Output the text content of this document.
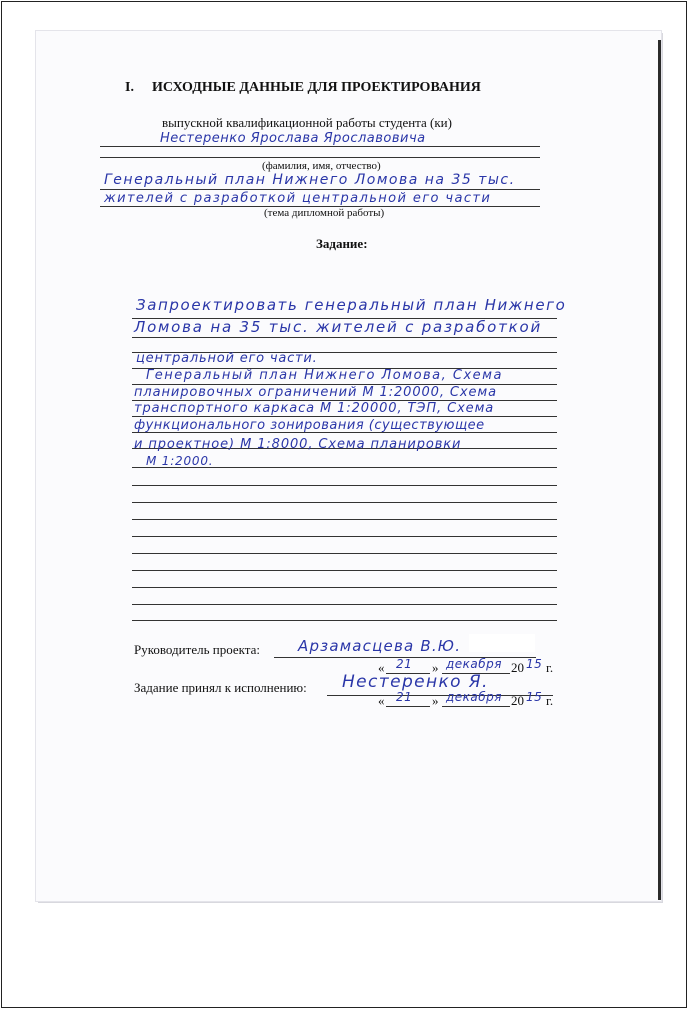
I. ИСХОДНЫЕ ДАННЫЕ ДЛЯ ПРОЕКТИРОВАНИЯ
выпускной квалификационной работы студента (ки)
Нестеренко Ярослава Ярославовича
(фамилия, имя, отчество)
Генеральный план Нижнего Ломова на 35 тыс.
жителей с разработкой центральной его части
(тема дипломной работы)
Задание:
Запроектировать генеральный план Нижнего
Ломова на 35 тыс. жителей с разработкой
центральной его части.
Генеральный план Нижнего Ломова, Схема
планировочных ограничений М 1:20000, Схема
транспортного каркаса М 1:20000, ТЭП, Схема
функционального зонирования (существующее
и проектное) М 1:8000, Схема планировки
М 1:2000.
Руководитель проекта:	Арзамасцева В.Ю.
« 21 » декабря 20 15 г.
Задание принял к исполнению: Нестеренко Я.
« 21 » декабря 20 15 г.
